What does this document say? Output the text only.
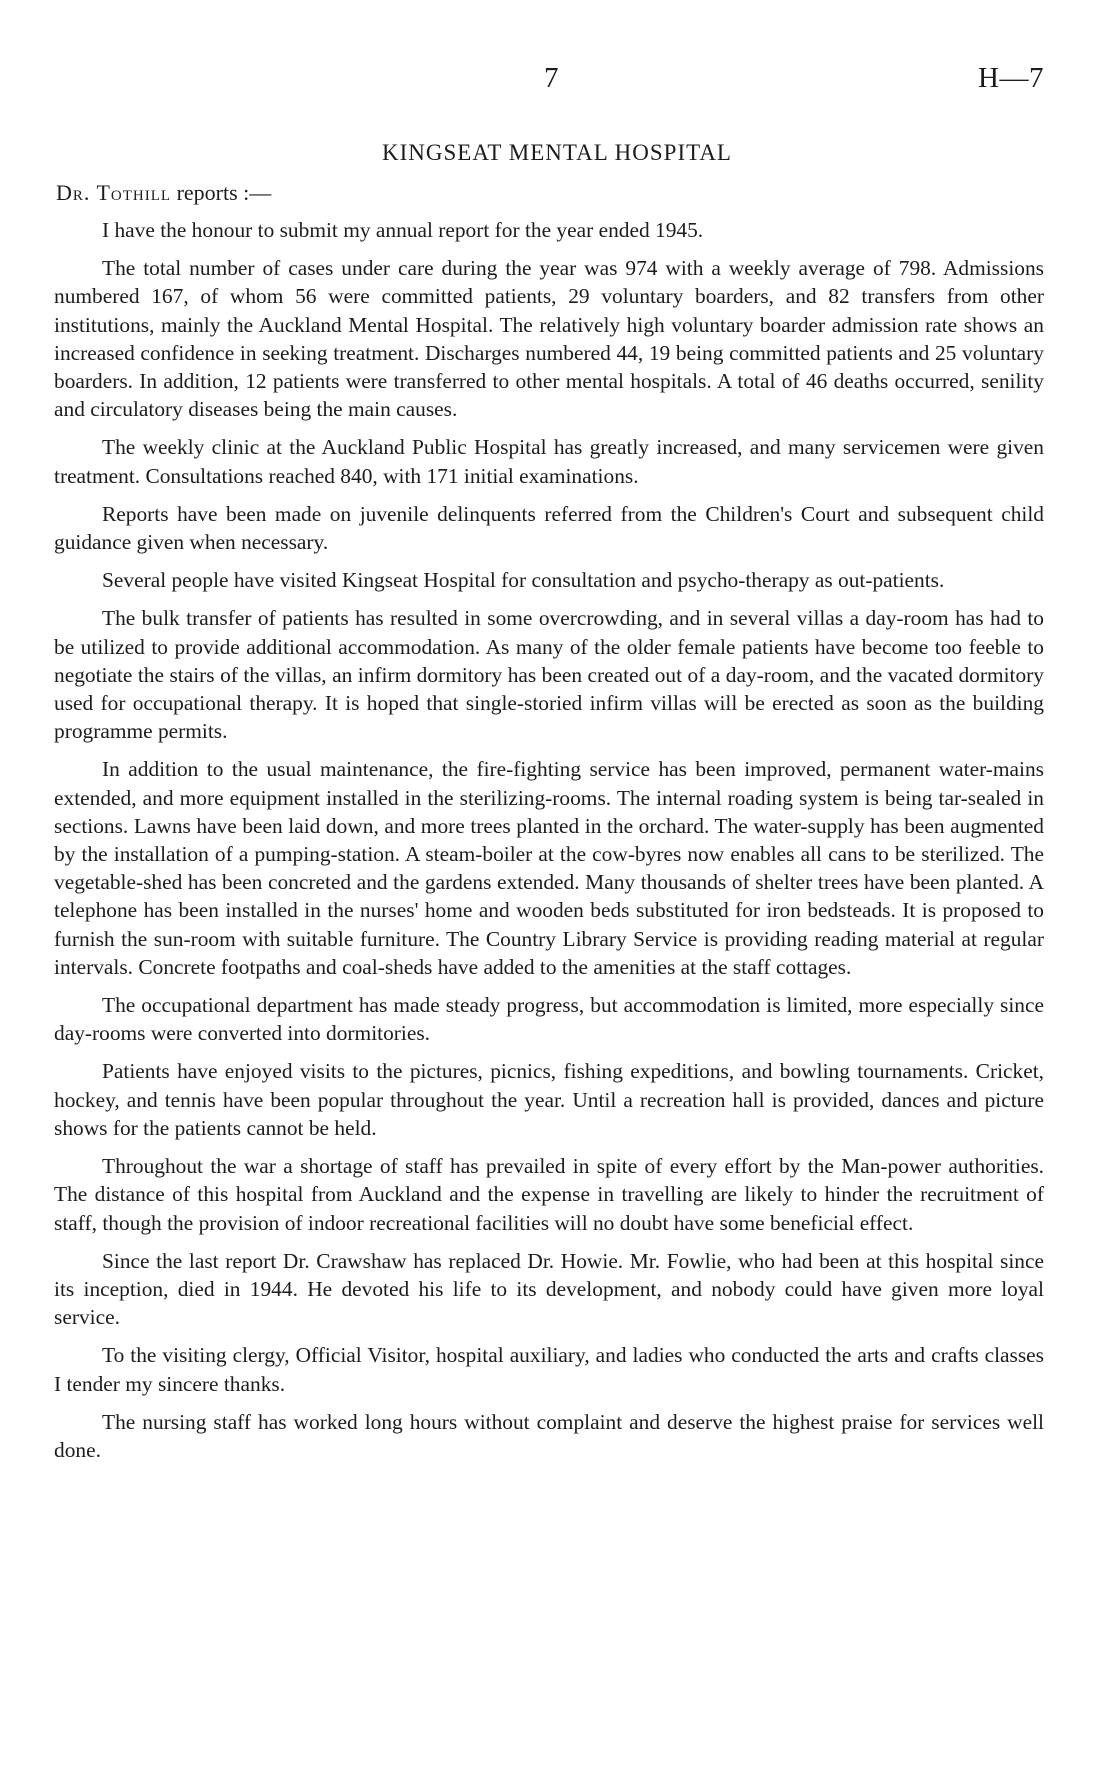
7	H—7
KINGSEAT MENTAL HOSPITAL
Dr. Tothill reports :—

I have the honour to submit my annual report for the year ended 1945.

The total number of cases under care during the year was 974 with a weekly average of 798. Admissions numbered 167, of whom 56 were committed patients, 29 voluntary boarders, and 82 transfers from other institutions, mainly the Auckland Mental Hospital. The relatively high voluntary boarder admission rate shows an increased confidence in seeking treatment. Discharges numbered 44, 19 being committed patients and 25 voluntary boarders. In addition, 12 patients were transferred to other mental hospitals. A total of 46 deaths occurred, senility and circulatory diseases being the main causes.

The weekly clinic at the Auckland Public Hospital has greatly increased, and many servicemen were given treatment. Consultations reached 840, with 171 initial examinations.

Reports have been made on juvenile delinquents referred from the Children's Court and subsequent child guidance given when necessary.

Several people have visited Kingseat Hospital for consultation and psycho-therapy as out-patients.

The bulk transfer of patients has resulted in some overcrowding, and in several villas a day-room has had to be utilized to provide additional accommodation. As many of the older female patients have become too feeble to negotiate the stairs of the villas, an infirm dormitory has been created out of a day-room, and the vacated dormitory used for occupational therapy. It is hoped that single-storied infirm villas will be erected as soon as the building programme permits.

In addition to the usual maintenance, the fire-fighting service has been improved, permanent water-mains extended, and more equipment installed in the sterilizing-rooms. The internal roading system is being tar-sealed in sections. Lawns have been laid down, and more trees planted in the orchard. The water-supply has been augmented by the installation of a pumping-station. A steam-boiler at the cow-byres now enables all cans to be sterilized. The vegetable-shed has been concreted and the gardens extended. Many thousands of shelter trees have been planted. A telephone has been installed in the nurses' home and wooden beds substituted for iron bedsteads. It is proposed to furnish the sun-room with suitable furniture. The Country Library Service is providing reading material at regular intervals. Concrete footpaths and coal-sheds have added to the amenities at the staff cottages.

The occupational department has made steady progress, but accommodation is limited, more especially since day-rooms were converted into dormitories.

Patients have enjoyed visits to the pictures, picnics, fishing expeditions, and bowling tournaments. Cricket, hockey, and tennis have been popular throughout the year. Until a recreation hall is provided, dances and picture shows for the patients cannot be held.

Throughout the war a shortage of staff has prevailed in spite of every effort by the Man-power authorities. The distance of this hospital from Auckland and the expense in travelling are likely to hinder the recruitment of staff, though the provision of indoor recreational facilities will no doubt have some beneficial effect.

Since the last report Dr. Crawshaw has replaced Dr. Howie. Mr. Fowlie, who had been at this hospital since its inception, died in 1944. He devoted his life to its development, and nobody could have given more loyal service.

To the visiting clergy, Official Visitor, hospital auxiliary, and ladies who conducted the arts and crafts classes I tender my sincere thanks.

The nursing staff has worked long hours without complaint and deserve the highest praise for services well done.
